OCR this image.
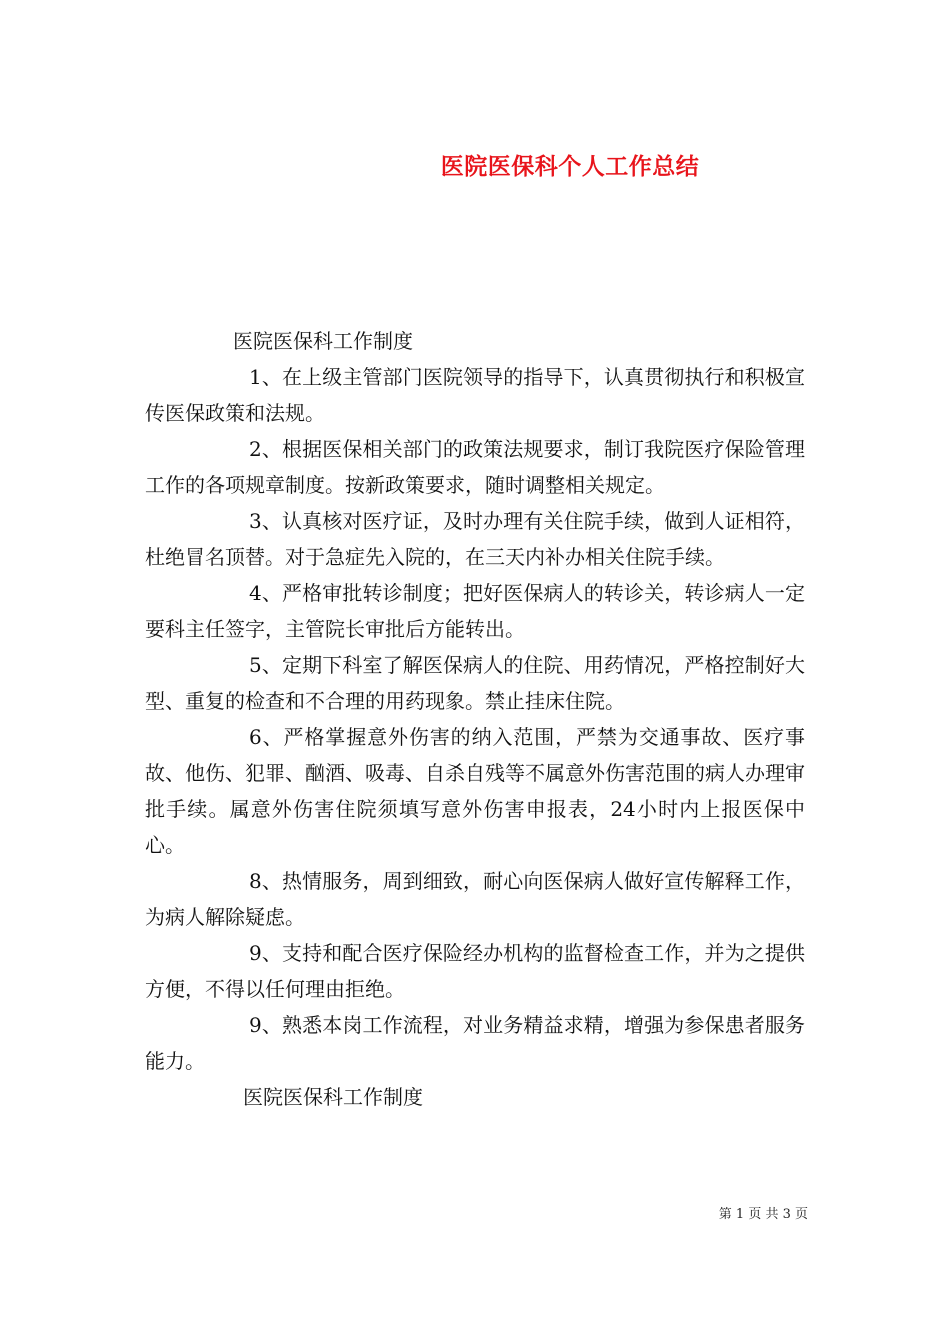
医院医保科个人工作总结

医院医保科工作制度

1、在上级主管部门医院领导的指导下，认真贯彻执行和积极宣传医保政策和法规。

2、根据医保相关部门的政策法规要求，制订我院医疗保险管理工作的各项规章制度。按新政策要求，随时调整相关规定。

3、认真核对医疗证，及时办理有关住院手续，做到人证相符，杜绝冒名顶替。对于急症先入院的，在三天内补办相关住院手续。

4、严格审批转诊制度；把好医保病人的转诊关，转诊病人一定要科主任签字，主管院长审批后方能转出。

5、定期下科室了解医保病人的住院、用药情况，严格控制好大型、重复的检查和不合理的用药现象。禁止挂床住院。

6、严格掌握意外伤害的纳入范围，严禁为交通事故、医疗事故、他伤、犯罪、酗酒、吸毒、自杀自残等不属意外伤害范围的病人办理审批手续。属意外伤害住院须填写意外伤害申报表，24小时内上报医保中心。

8、热情服务，周到细致，耐心向医保病人做好宣传解释工作，为病人解除疑虑。

9、支持和配合医疗保险经办机构的监督检查工作，并为之提供方便，不得以任何理由拒绝。

9、熟悉本岗工作流程，对业务精益求精，增强为参保患者服务能力。

医院医保科工作制度

第 1 页 共 3 页
